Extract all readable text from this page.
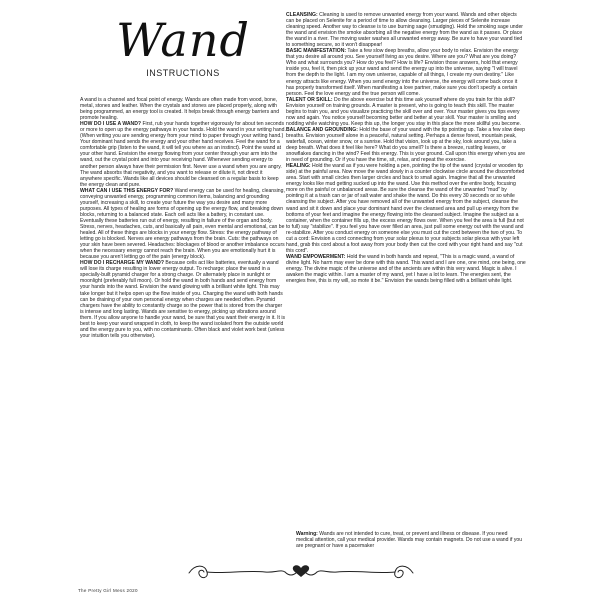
Wand
INSTRUCTIONS

A wand is a channel and focal point of energy. Wands are often made from wood, bone, metal, stones and leather. When the crystals and stones are placed properly, along with being programmed, an energy tool is created. It helps break through energy barriers and promote healing.

HOW DO I USE A WAND? First, rub your hands together vigorously for about ten seconds or more to open up the energy pathways in your hands. Hold the wand in your writing hand. (When writing you are sending energy from your mind to paper through your writing hand.) Your dominant hand sends the energy and your other hand receives. Feel the wand for a comfortable grip (listen to the wand, it will tell you where as an instinct). Point the wand at your other hand. Envision the energy flowing from your center through your arm into the wand, out the crystal point and into your receiving hand. Whenever sending energy to another person always have their permission first. Never use a wand when you are angry. The wand absorbs that negativity, and you want to release or dilute it, not direct it anywhere specific. Wands like all devices should be cleansed on a regular basis to keep the energy clean and pure.

WHAT CAN I USE THIS ENERGY FOR? Wand energy can be used for healing, cleansing, conveying unwanted energy, programming common items, balancing and grounding yourself, increasing a skill, to create your future the way you desire and many more purposes. All types of healing are forms of opening up the energy flow, and breaking down blocks, returning to a balanced state. Each cell acts like a battery, in constant use. Eventually these batteries run out of energy, resulting in failure of the organ and body. Stress, nerves, headaches, cuts, and basically all pain, even mental and emotional, can be healed. All of these things are blocks in your energy flow. Stress: the energy pathway of letting go is blocked. Nerves are energy pathways from the brain. Cuts: the pathways on your skin have been severed. Headaches: blockages of blood or another imbalance occurs when the necessary energy cannot reach the brain. When you are emotionally hurt it is because you aren't letting go of the pain (energy block).

HOW DO I RECHARGE MY WAND? Because cells act like batteries, eventually a wand will lose its charge resulting in lower energy output. To recharge: place the wand in a specially-built pyramid charger for a strong charge. Or alternately place in sunlight or moonlight (preferably full moon). Or hold the wand in both hands and send energy from your hands into the wand. Envision the wand glowing with a brilliant white light. This may take longer but it helps open up the flow inside of you. Charging the wand with both hands can be draining of your own personal energy when charges are needed often. Pyramid chargers have the ability to constantly charge so the power that is stored from the charger is intense and long lasting. Wands are sensitive to energy, picking up vibrations around them. If you allow anyone to handle your wand, be sure that you want their energy in it. It is best to keep your wand wrapped in cloth, to keep the wand isolated from the outside world and the energy pure to you, with no contaminants. Often black and violet work best (unless your intuition tells you otherwise).

CLEANSING: Cleaning is used to remove unwanted energy from your wand. Wands and other objects can be placed on Selenite for a period of time to allow cleansing. Larger pieces of Selenite increase cleaning speed. Another way to cleanse is to use burning sage (smudging). Hold the smoking sage under the wand and envision the smoke absorbing all the negative energy from the wand as it passes. Or place the wand in a river. The moving water washes all unwanted energy away. Be sure to have your wand tied to something secure, so it won't disappear!

BASIC MANIFESTATION: Take a few slow deep breaths, allow your body to relax. Envision the energy that you desire all around you. See yourself living as you desire. Where are you? What are you doing? Who and what surrounds you? How do you feel? How is life? Envision those answers, hold that energy inside you, feel it, then pick up your wand and send the energy up into the universe, saying "I will travel from the depth to the light. I am my own universe, capable of all things, I create my own destiny." Like energy attracts like energy. When you send energy into the universe, the energy will come back once it has properly transformed itself. When manifesting a love partner, make sure you don't specify a certain person. Feel the love energy and the true person will come.

TALENT OR SKILL: Do the above exercise but this time ask yourself where do you train for this skill? Envision yourself on training grounds. A master is present, who is going to teach this skill. The master begins to train you, and you visualize practicing the skill over and over. Your master gives you tips every now and again. You notice yourself becoming better and better at your skill. Your master is smiling and nodding while watching you. Keep this up, the longer you stay in this place the more skillful you become.

BALANCE AND GROUNDING: Hold the base of your wand with the tip pointing up. Take a few slow deep breaths. Envision yourself alone in a peaceful, natural setting. Perhaps a dense forest, mountain peak, waterfall, ocean, winter snow, or a sunrise. Hold that vision, look up at the sky, look around you, take a deep breath. What does it feel like here? What do you smell? Is there a breeze, rustling leaves, or snowflakes dancing in the wind? Feel this energy. This is your ground. Call upon this energy when you are in need of grounding. Or if you have the time, sit, relax, and repeat the exercise.

HEALING: Hold the wand as if you were holding a pen, pointing the tip of the wand (crystal or wooden tip side) at the painful area. Now move the wand slowly in a counter clockwise circle around the discomforted area. Start with small circles then larger circles and back to small again. Imagine that all the unwanted energy looks like mud getting sucked up into the wand. Use this method over the entire body, focusing more on the painful or unbalanced areas. Be sure the cleanse the wand of the unwanted "mud" by pointing it at a trash can or jar of salt water and shake the wand. Do this every 30 seconds or so while cleansing the subject. After you have removed all of the unwanted energy from the subject, cleanse the wand and sit it down and place your dominant hand over the cleansed area and pull up energy from the bottoms of your feet and imagine the energy flowing into the cleansed subject. Imagine the subject as a container, when the container fills up, the excess energy flows over. When you feel the area is full (but not to full) say "stabilize". If you feel you have over filled an area, just pull some energy out with the wand and re-stabilize. After you conduct energy on someone else you must cut the cord between the two of you. To cut a cord: Envision a cord connecting from your solar plexus to your subjects solar plexus with your left hand, grab this cord about a foot away from your body then cut the cord with your right hand and say "cut this cord".

WAND EMPOWERMENT: Hold the wand in both hands and repeat, "This is a magic wand, a wand of divine light. No harm may ever be done with this wand. This wand and I are one, one mind, one being, one energy. The divine magic of the universe and of the ancients are within this very wand. Magic is alive. I awaken the magic within. I am a master of my wand, yet I have a lot to learn. The energies sent, the energies free, this is my will, so mote it be." Envision the wands being filled with a brilliant white light.

Warning: Wands are not intended to cure, treat, or prevent and illness or disease. If you need medical attention, call your medical provider. Wands may contain magnets. Do not use a wand if you are pregnant or have a pacemaker
The Pretty Girl Mess 2020
